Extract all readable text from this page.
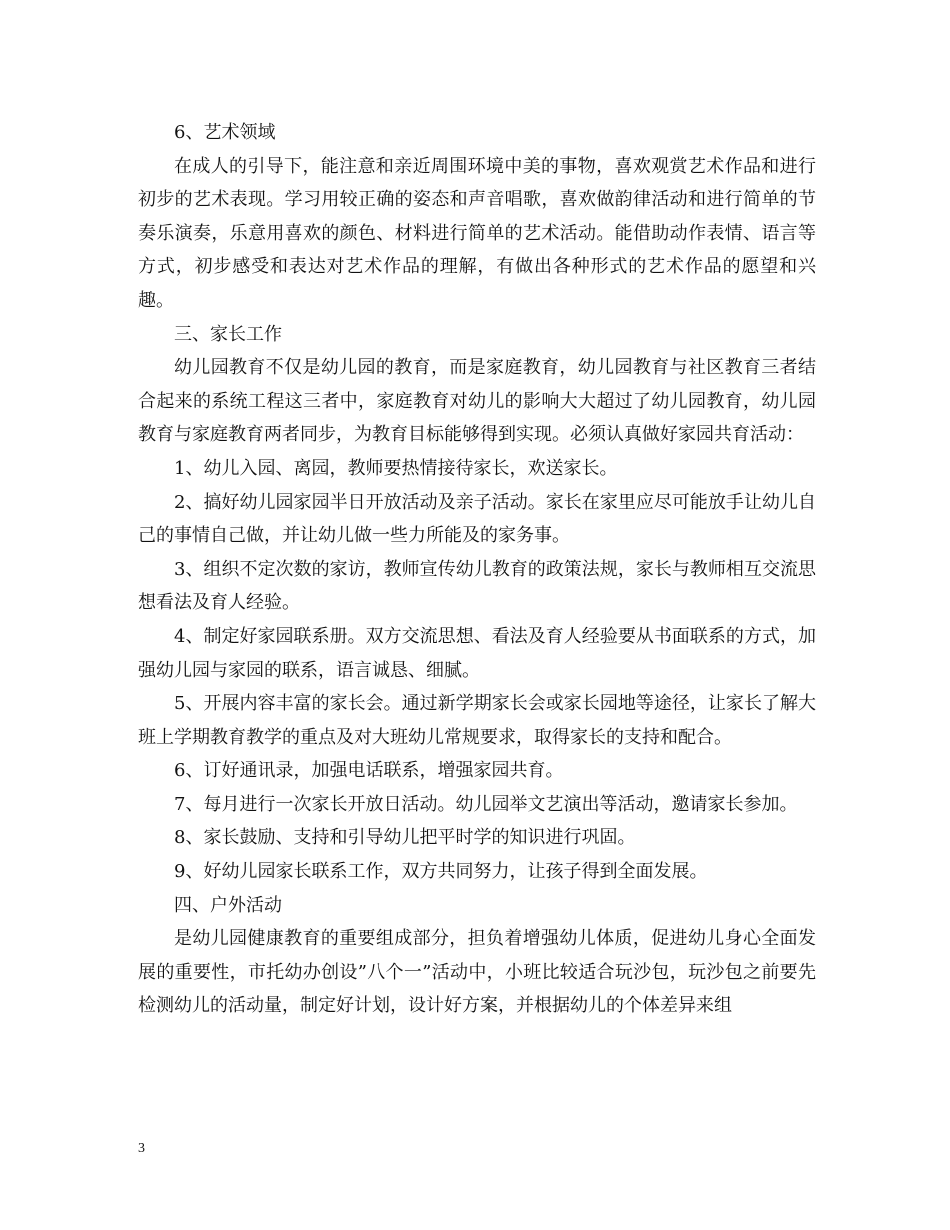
6、艺术领域

在成人的引导下，能注意和亲近周围环境中美的事物，喜欢观赏艺术作品和进行初步的艺术表现。学习用较正确的姿态和声音唱歌，喜欢做韵律活动和进行简单的节奏乐演奏，乐意用喜欢的颜色、材料进行简单的艺术活动。能借助动作表情、语言等方式，初步感受和表达对艺术作品的理解，有做出各种形式的艺术作品的愿望和兴趣。

三、家长工作

幼儿园教育不仅是幼儿园的教育，而是家庭教育，幼儿园教育与社区教育三者结合起来的系统工程这三者中，家庭教育对幼儿的影响大大超过了幼儿园教育，幼儿园教育与家庭教育两者同步，为教育目标能够得到实现。必须认真做好家园共育活动：

1、幼儿入园、离园，教师要热情接待家长，欢送家长。

2、搞好幼儿园家园半日开放活动及亲子活动。家长在家里应尽可能放手让幼儿自己的事情自己做，并让幼儿做一些力所能及的家务事。

3、组织不定次数的家访，教师宣传幼儿教育的政策法规，家长与教师相互交流思想看法及育人经验。

4、制定好家园联系册。双方交流思想、看法及育人经验要从书面联系的方式，加强幼儿园与家园的联系，语言诚恳、细腻。

5、开展内容丰富的家长会。通过新学期家长会或家长园地等途径，让家长了解大班上学期教育教学的重点及对大班幼儿常规要求，取得家长的支持和配合。

6、订好通讯录，加强电话联系，增强家园共育。

7、每月进行一次家长开放日活动。幼儿园举文艺演出等活动，邀请家长参加。

8、家长鼓励、支持和引导幼儿把平时学的知识进行巩固。

9、好幼儿园家长联系工作，双方共同努力，让孩子得到全面发展。

四、户外活动

是幼儿园健康教育的重要组成部分，担负着增强幼儿体质，促进幼儿身心全面发展的重要性，市托幼办创设”八个一”活动中，小班比较适合玩沙包，玩沙包之前要先检测幼儿的活动量，制定好计划，设计好方案，并根据幼儿的个体差异来组

3
